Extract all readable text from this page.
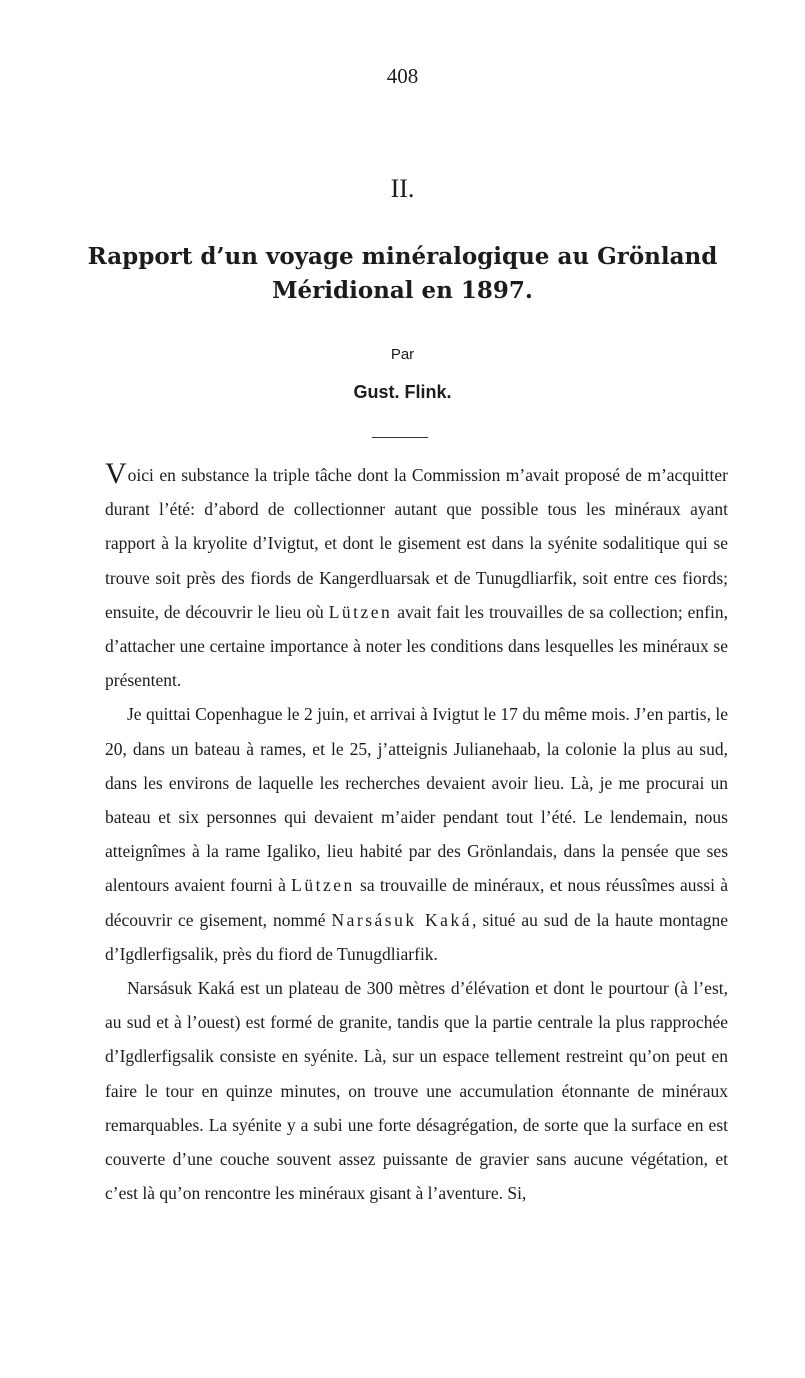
408
II.
Rapport d’un voyage minéralogique au Grönland
Méridional en 1897.
Par
Gust. Flink.

Voici en substance la triple tâche dont la Commission m’avait proposé de m’acquitter durant l’été: d’abord de collectionner autant que possible tous les minéraux ayant rapport à la kryolite d’Ivigtut, et dont le gisement est dans la syénite sodalitique qui se trouve soit près des fiords de Kangerdluarsak et de Tunugdliarfik, soit entre ces fiords; ensuite, de découvrir le lieu où Lützen avait fait les trouvailles de sa collection; enfin, d’attacher une certaine importance à noter les conditions dans lesquelles les minéraux se présentent.

Je quittai Copenhague le 2 juin, et arrivai à Ivigtut le 17 du même mois. J’en partis, le 20, dans un bateau à rames, et le 25, j’atteignis Julianehaab, la colonie la plus au sud, dans les environs de laquelle les recherches devaient avoir lieu. Là, je me procurai un bateau et six personnes qui devaient m’aider pendant tout l’été. Le lendemain, nous atteignîmes à la rame Igaliko, lieu habité par des Grönlandais, dans la pensée que ses alentours avaient fourni à Lützen sa trouvaille de minéraux, et nous réussîmes aussi à découvrir ce gisement, nommé Narsásuk Kaká, situé au sud de la haute montagne d’Igdlerfigsalik, près du fiord de Tunugdliarfik.

Narsásuk Kaká est un plateau de 300 mètres d’élévation et dont le pourtour (à l’est, au sud et à l’ouest) est formé de granite, tandis que la partie centrale la plus rapprochée d’Igdlerfigsalik consiste en syénite. Là, sur un espace tellement restreint qu’on peut en faire le tour en quinze minutes, on trouve une accumulation étonnante de minéraux remarquables. La syénite y a subi une forte désagrégation, de sorte que la surface en est couverte d’une couche souvent assez puissante de gravier sans aucune végétation, et c’est là qu’on rencontre les minéraux gisant à l’aventure. Si,
